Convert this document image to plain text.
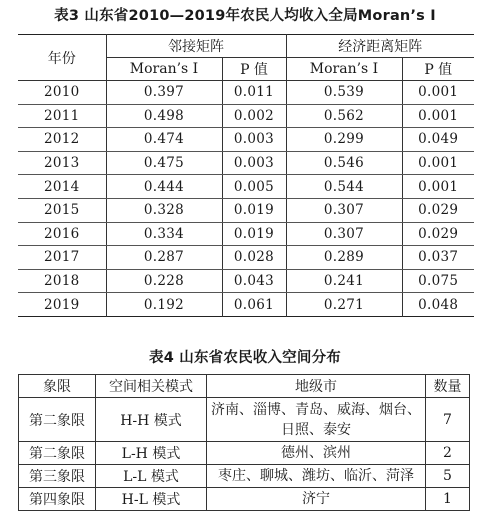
表3 山东省2010—2019年农民人均收入全局Moran’s I
年份	邻接矩阵		经济距离矩阵	
	Moran’s I	P 值	Moran’s I	P 值
2010	0.397	0.011	0.539	0.001
2011	0.498	0.002	0.562	0.001
2012	0.474	0.003	0.299	0.049
2013	0.475	0.003	0.546	0.001
2014	0.444	0.005	0.544	0.001
2015	0.328	0.019	0.307	0.029
2016	0.334	0.019	0.307	0.029
2017	0.287	0.028	0.289	0.037
2018	0.228	0.043	0.241	0.075
2019	0.192	0.061	0.271	0.048
表4 山东省农民收入空间分布
象限	空间相关模式	地级市	数量
第二象限	H-H 模式	济南、淄博、青岛、威海、烟台、日照、泰安	7
第二象限	L-H 模式	德州、滨州	2
第三象限	L-L 模式	枣庄、聊城、潍坊、临沂、菏泽	5
第四象限	H-L 模式	济宁	1
